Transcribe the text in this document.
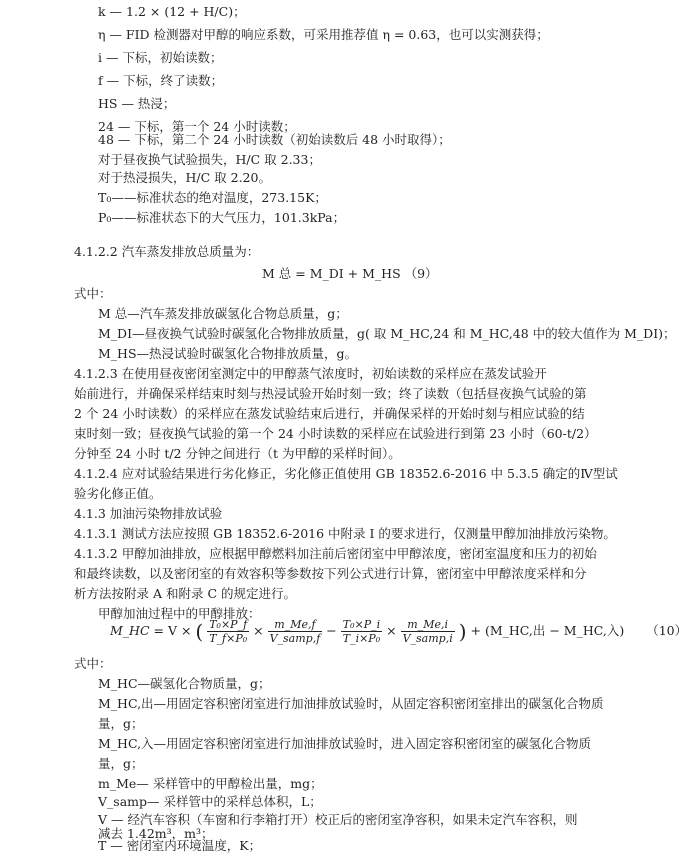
k — 1.2 × (12 + H/C)；
η — FID 检测器对甲醇的响应系数，可采用推荐值 η = 0.63，也可以实测获得；
i — 下标，初始读数；
f — 下标，终了读数；
HS — 热浸；
24 — 下标，第一个 24 小时读数；
48 — 下标，第二个 24 小时读数（初始读数后 48 小时取得）；
对于昼夜换气试验损失，H/C 取 2.33；
对于热浸损失，H/C 取 2.20。
T₀——标准状态的绝对温度，273.15K；
P₀——标准状态下的大气压力，101.3kPa；
4.1.2.2 汽车蒸发排放总质量为：
M 总 = M_DI + M_HS （9）
式中：
M 总—汽车蒸发排放碳氢化合物总质量，g；
M_DI—昼夜换气试验时碳氢化合物排放质量，g( 取 M_HC,24 和 M_HC,48 中的较大值作为 M_DI)；
M_HS—热浸试验时碳氢化合物排放质量，g。
4.1.2.3 在使用昼夜密闭室测定中的甲醇蒸气浓度时，初始读数的采样应在蒸发试验开
始前进行，并确保采样结束时刻与热浸试验开始时刻一致；终了读数（包括昼夜换气试验的第
2 个 24 小时读数）的采样应在蒸发试验结束后进行，并确保采样的开始时刻与相应试验的结
束时刻一致；昼夜换气试验的第一个 24 小时读数的采样应在试验进行到第 23 小时（60-t/2）
分钟至 24 小时 t/2 分钟之间进行（t 为甲醇的采样时间）。
4.1.2.4 应对试验结果进行劣化修正，劣化修正值使用 GB 18352.6-2016 中 5.3.5 确定的Ⅳ型试
验劣化修正值。
4.1.3 加油污染物排放试验
4.1.3.1 测试方法应按照 GB 18352.6-2016 中附录 I 的要求进行，仅测量甲醇加油排放污染物。
4.1.3.2 甲醇加油排放，应根据甲醇燃料加注前后密闭室中甲醇浓度，密闭室温度和压力的初始
和最终读数，以及密闭室的有效容积等参数按下列公式进行计算，密闭室中甲醇浓度采样和分
析方法按附录 A 和附录 C 的规定进行。
甲醇加油过程中的甲醇排放：
M_HC = V × ( $\frac{\text{T₀×P\_f}}{\text{T\_f×P₀}} \times \frac{m\_Me,f}{\text{V\_samp,f}} - \frac{\text{T₀×P\_i}}{\text{T\_i×P₀}} \times \frac{m\_Me,i}{\text{V\_samp,i}}$ ) + (M_HC,出 − M_HC,入) （10）
式中：
M_HC—碳氢化合物质量，g；
M_HC,出—用固定容积密闭室进行加油排放试验时，从固定容积密闭室排出的碳氢化合物质
量，g；
M_HC,入—用固定容积密闭室进行加油排放试验时，进入固定容积密闭室的碳氢化合物质
量，g；
m_Me— 采样管中的甲醇检出量，mg；
V_samp— 采样管中的采样总体积，L；
V — 经汽车容积（车窗和行李箱打开）校正后的密闭室净容积，如果未定汽车容积，则
减去 1.42m³，m³；
T — 密闭室内环境温度，K；
